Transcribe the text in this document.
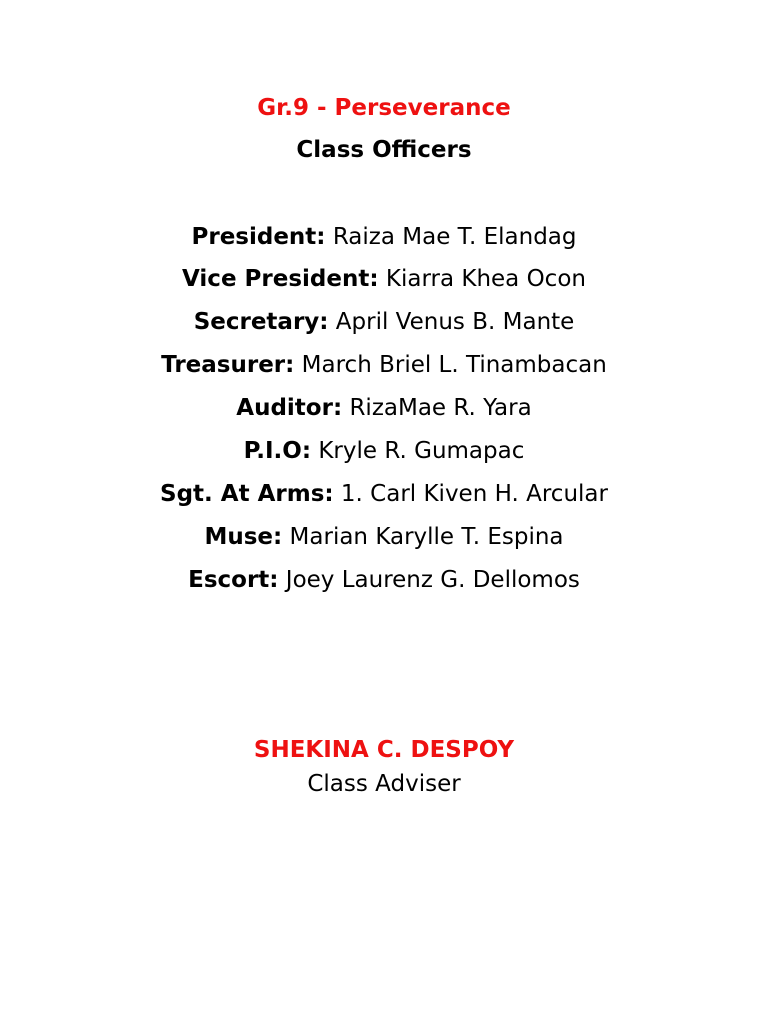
Gr.9 - Perseverance
Class Officers
President: Raiza Mae T. Elandag
Vice President: Kiarra Khea Ocon
Secretary: April Venus B. Mante
Treasurer: March Briel L. Tinambacan
Auditor: RizaMae R. Yara
P.I.O: Kryle R. Gumapac
Sgt. At Arms: 1. Carl Kiven H. Arcular
Muse: Marian Karylle T. Espina
Escort: Joey Laurenz G. Dellomos
SHEKINA C. DESPOY
Class Adviser
